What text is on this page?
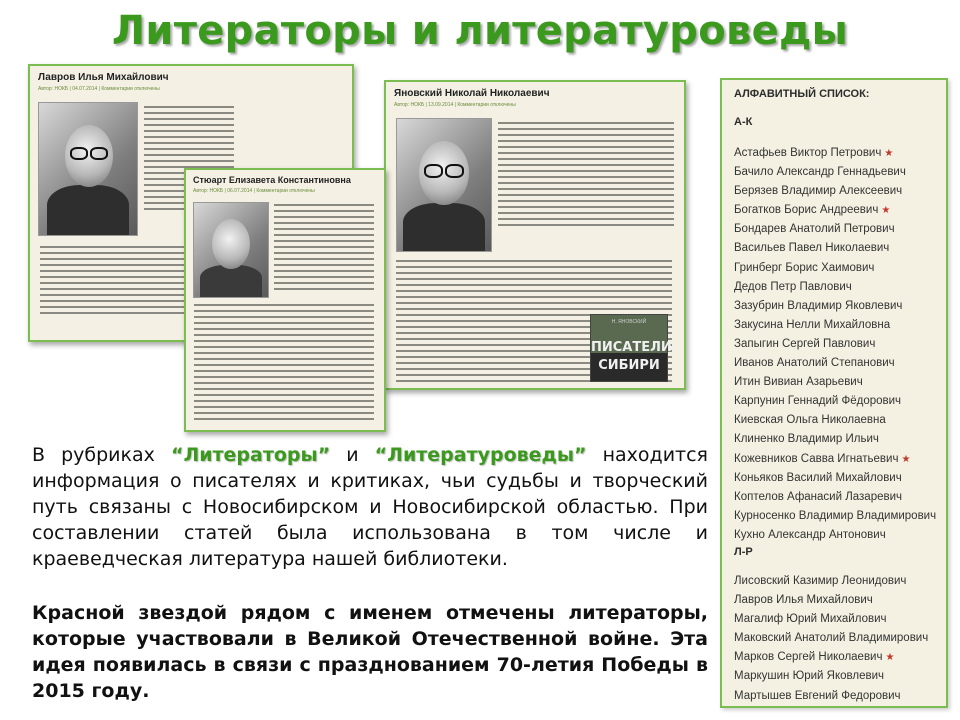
Литераторы и литературоведы
Лавров Илья Михайлович
Автор: НОКБ | 04.07.2014 | Комментарии отключены	Яновский Николай Николаевич
Автор: НОКБ | 13.09.2014 | Комментарии отключены
Н. ЯНОВСКИЙ
ПИСАТЕЛИ
СИБИРИ
Стюарт Елизавета Константиновна
Автор: НОКБ | 06.07.2014 | Комментарии отключены
В рубриках “Литераторы” и “Литературоведы” находится информация о писателях и критиках, чьи судьбы и творческий путь связаны с Новосибирском и Новосибирской областью. При составлении статей была использована в том числе и краеведческая литература нашей библиотеки.
Красной звездой рядом с именем отмечены литераторы, которые участвовали в Великой Отечественной войне. Эта идея появилась в связи с празднованием 70-летия Победы в 2015 году.
АЛФАВИТНЫЙ СПИСОК:
А-К
Астафьев Виктор Петрович ★
Бачило Александр Геннадьевич
Берязев Владимир Алексеевич
Богатков Борис Андреевич ★
Бондарев Анатолий Петрович
Васильев Павел Николаевич
Гринберг Борис Хаимович
Дедов Петр Павлович
Зазубрин Владимир Яковлевич
Закусина Нелли Михайловна
Запыгин Сергей Павлович
Иванов Анатолий Степанович
Итин Вивиан Азарьевич
Карпунин Геннадий Фёдорович
Киевская Ольга Николаевна
Клиненко Владимир Ильич
Кожевников Савва Игнатьевич ★
Коньяков Василий Михайлович
Коптелов Афанасий Лазаревич
Курносенко Владимир Владимирович
Кухно Александр Антонович
Л-Р
Лисовский Казимир Леонидович
Лавров Илья Михайлович
Магалиф Юрий Михайлович
Маковский Анатолий Владимирович
Марков Сергей Николаевич ★
Маркушин Юрий Яковлевич
Мартышев Евгений Федорович
